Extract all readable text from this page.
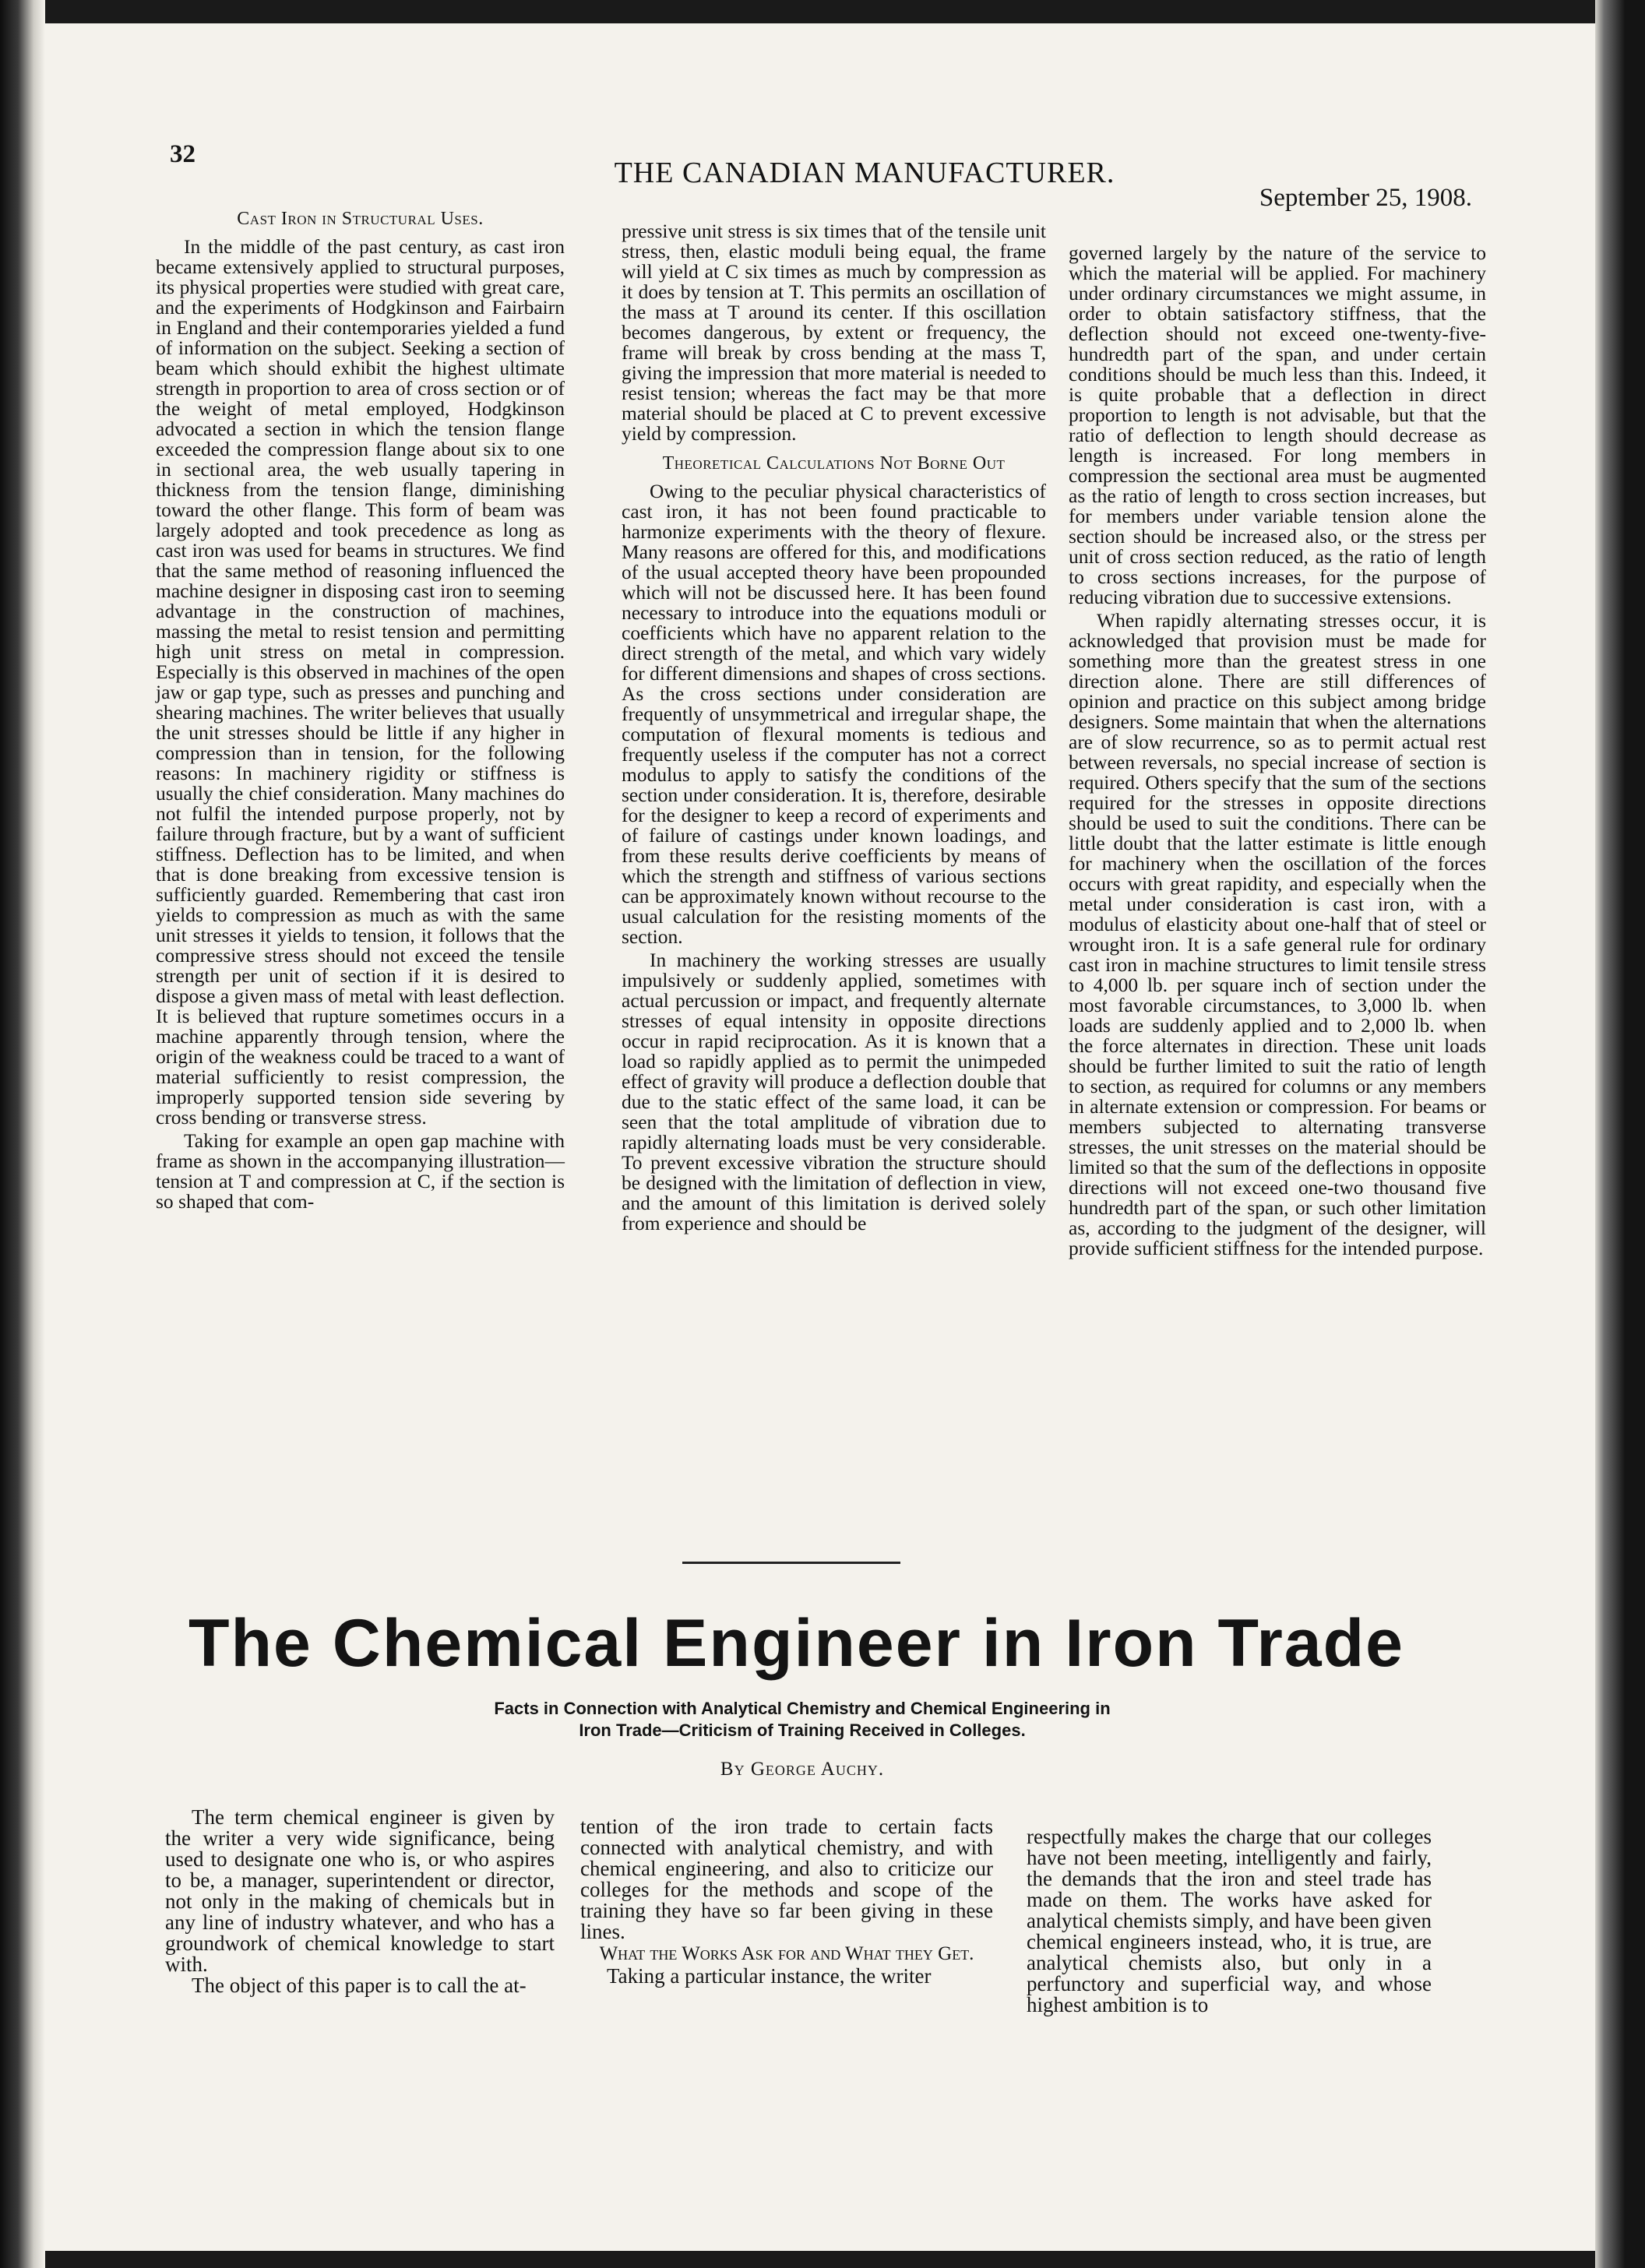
32
THE CANADIAN MANUFACTURER.
September 25, 1908.
Cast Iron in Structural Uses.

In the middle of the past century, as cast iron became extensively applied to structural purposes, its physical properties were studied with great care, and the experiments of Hodgkinson and Fairbairn in England and their contemporaries yielded a fund of information on the subject. Seeking a section of beam which should exhibit the highest ultimate strength in proportion to area of cross section or of the weight of metal employed, Hodgkinson advocated a section in which the tension flange exceeded the compression flange about six to one in sectional area, the web usually tapering in thickness from the tension flange, diminishing toward the other flange. This form of beam was largely adopted and took precedence as long as cast iron was used for beams in structures. We find that the same method of reasoning influenced the machine designer in disposing cast iron to seeming advantage in the construction of machines, massing the metal to resist tension and permitting high unit stress on metal in compression. Especially is this observed in machines of the open jaw or gap type, such as presses and punching and shearing machines. The writer believes that usually the unit stresses should be little if any higher in compression than in tension, for the following reasons: In machinery rigidity or stiffness is usually the chief consideration. Many machines do not fulfil the intended purpose properly, not by failure through fracture, but by a want of sufficient stiffness. Deflection has to be limited, and when that is done breaking from excessive tension is sufficiently guarded. Remembering that cast iron yields to compression as much as with the same unit stresses it yields to tension, it follows that the compressive stress should not exceed the tensile strength per unit of section if it is desired to dispose a given mass of metal with least deflection. It is believed that rupture sometimes occurs in a machine apparently through tension, where the origin of the weakness could be traced to a want of material sufficiently to resist compression, the improperly supported tension side severing by cross bending or transverse stress.

Taking for example an open gap machine with frame as shown in the accompanying illustration—tension at T and compression at C, if the section is so shaped that com-

pressive unit stress is six times that of the tensile unit stress, then, elastic moduli being equal, the frame will yield at C six times as much by compression as it does by tension at T. This permits an oscillation of the mass at T around its center. If this oscillation becomes dangerous, by extent or frequency, the frame will break by cross bending at the mass T, giving the impression that more material is needed to resist tension; whereas the fact may be that more material should be placed at C to prevent excessive yield by compression.

Theoretical Calculations Not Borne Out

Owing to the peculiar physical characteristics of cast iron, it has not been found practicable to harmonize experiments with the theory of flexure. Many reasons are offered for this, and modifications of the usual accepted theory have been propounded which will not be discussed here. It has been found necessary to introduce into the equations moduli or coefficients which have no apparent relation to the direct strength of the metal, and which vary widely for different dimensions and shapes of cross sections. As the cross sections under consideration are frequently of unsymmetrical and irregular shape, the computation of flexural moments is tedious and frequently useless if the computer has not a correct modulus to apply to satisfy the conditions of the section under consideration. It is, therefore, desirable for the designer to keep a record of experiments and of failure of castings under known loadings, and from these results derive coefficients by means of which the strength and stiffness of various sections can be approximately known without recourse to the usual calculation for the resisting moments of the section.

In machinery the working stresses are usually impulsively or suddenly applied, sometimes with actual percussion or impact, and frequently alternate stresses of equal intensity in opposite directions occur in rapid reciprocation. As it is known that a load so rapidly applied as to permit the unimpeded effect of gravity will produce a deflection double that due to the static effect of the same load, it can be seen that the total amplitude of vibration due to rapidly alternating loads must be very considerable. To prevent excessive vibration the structure should be designed with the limitation of deflection in view, and the amount of this limitation is derived solely from experience and should be

governed largely by the nature of the service to which the material will be applied. For machinery under ordinary circumstances we might assume, in order to obtain satisfactory stiffness, that the deflection should not exceed one-twenty-five-hundredth part of the span, and under certain conditions should be much less than this. Indeed, it is quite probable that a deflection in direct proportion to length is not advisable, but that the ratio of deflection to length should decrease as length is increased. For long members in compression the sectional area must be augmented as the ratio of length to cross section increases, but for members under variable tension alone the section should be increased also, or the stress per unit of cross section reduced, as the ratio of length to cross sections increases, for the purpose of reducing vibration due to successive extensions.

When rapidly alternating stresses occur, it is acknowledged that provision must be made for something more than the greatest stress in one direction alone. There are still differences of opinion and practice on this subject among bridge designers. Some maintain that when the alternations are of slow recurrence, so as to permit actual rest between reversals, no special increase of section is required. Others specify that the sum of the sections required for the stresses in opposite directions should be used to suit the conditions. There can be little doubt that the latter estimate is little enough for machinery when the oscillation of the forces occurs with great rapidity, and especially when the metal under consideration is cast iron, with a modulus of elasticity about one-half that of steel or wrought iron. It is a safe general rule for ordinary cast iron in machine structures to limit tensile stress to 4,000 lb. per square inch of section under the most favorable circumstances, to 3,000 lb. when loads are suddenly applied and to 2,000 lb. when the force alternates in direction. These unit loads should be further limited to suit the ratio of length to section, as required for columns or any members in alternate extension or compression. For beams or members subjected to alternating transverse stresses, the unit stresses on the material should be limited so that the sum of the deflections in opposite directions will not exceed one-two thousand five hundredth part of the span, or such other limitation as, according to the judgment of the designer, will provide sufficient stiffness for the intended purpose.

The Chemical Engineer in Iron Trade
Facts in Connection with Analytical Chemistry and Chemical Engineering in Iron Trade—Criticism of Training Received in Colleges.
By George Auchy.

The term chemical engineer is given by the writer a very wide significance, being used to designate one who is, or who aspires to be, a manager, superintendent or director, not only in the making of chemicals but in any line of industry whatever, and who has a groundwork of chemical knowledge to start with.

The object of this paper is to call the at-

tention of the iron trade to certain facts connected with analytical chemistry, and with chemical engineering, and also to criticize our colleges for the methods and scope of the training they have so far been giving in these lines.

What the Works Ask for and What they Get.

Taking a particular instance, the writer

respectfully makes the charge that our colleges have not been meeting, intelligently and fairly, the demands that the iron and steel trade has made on them. The works have asked for analytical chemists simply, and have been given chemical engineers instead, who, it is true, are analytical chemists also, but only in a perfunctory and superficial way, and whose highest ambition is to
